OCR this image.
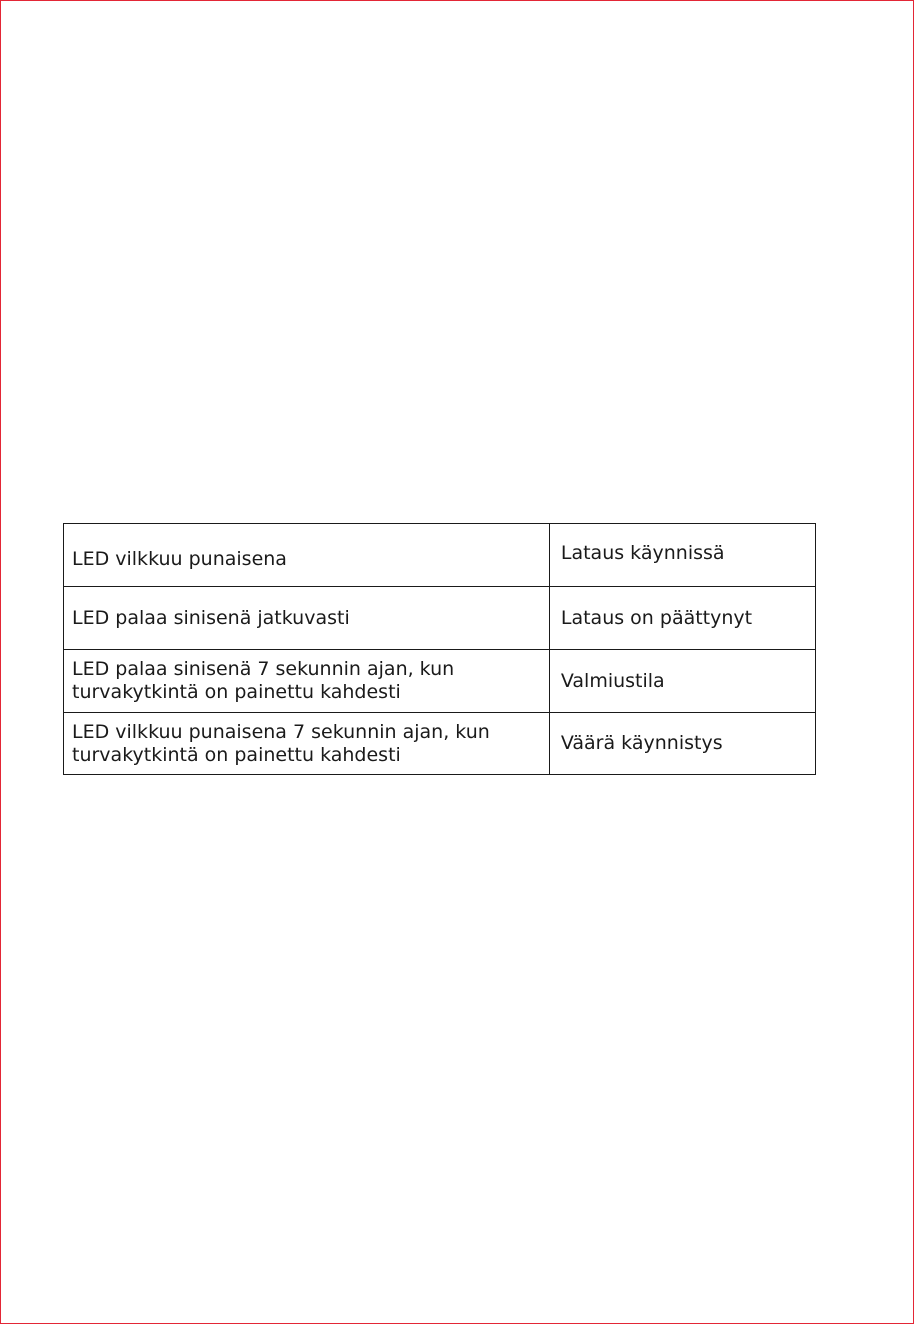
LED vilkkuu punaisena	Lataus käynnissä
LED palaa sinisenä jatkuvasti	Lataus on päättynyt
LED palaa sinisenä 7 sekunnin ajan, kun turvakytkintä on painettu kahdesti	Valmiustila
LED vilkkuu punaisena 7 sekunnin ajan, kun turvakytkintä on painettu kahdesti	Väärä käynnistys
